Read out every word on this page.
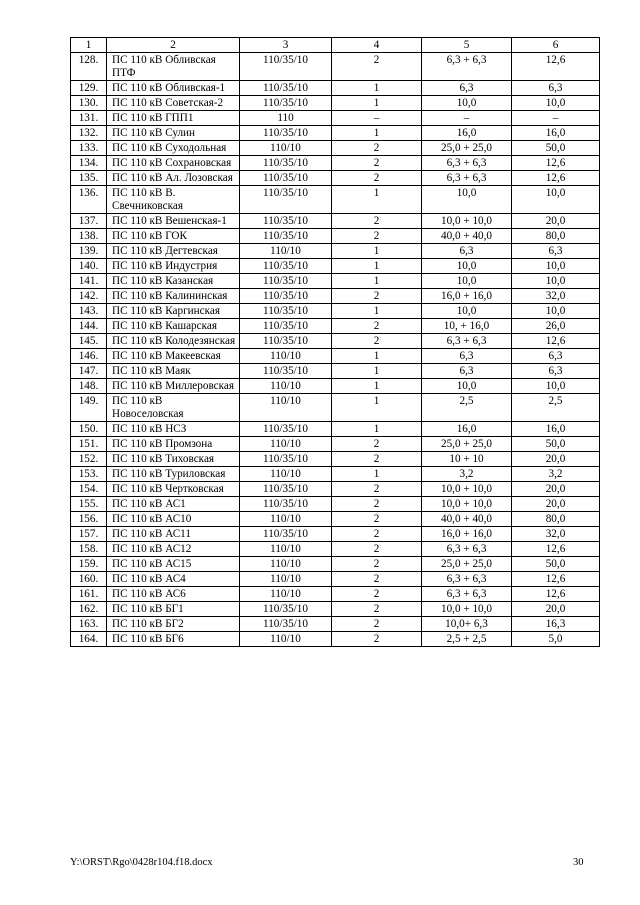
1	2	3	4	5	6
128.	ПС 110 кВ Обливская ПТФ	110/35/10	2	6,3 + 6,3	12,6
129.	ПС 110 кВ Обливская-1	110/35/10	1	6,3	6,3
130.	ПС 110 кВ Советская-2	110/35/10	1	10,0	10,0
131.	ПС 110 кВ ГПП1	110	–	–	–
132.	ПС 110 кВ Сулин	110/35/10	1	16,0	16,0
133.	ПС 110 кВ Суходольная	110/10	2	25,0 + 25,0	50,0
134.	ПС 110 кВ Сохрановская	110/35/10	2	6,3 + 6,3	12,6
135.	ПС 110 кВ Ал. Лозовская	110/35/10	2	6,3 + 6,3	12,6
136.	ПС 110 кВ В. Свечниковская	110/35/10	1	10,0	10,0
137.	ПС 110 кВ Вешенская-1	110/35/10	2	10,0 + 10,0	20,0
138.	ПС 110 кВ ГОК	110/35/10	2	40,0 + 40,0	80,0
139.	ПС 110 кВ Дегтевская	110/10	1	6,3	6,3
140.	ПС 110 кВ Индустрия	110/35/10	1	10,0	10,0
141.	ПС 110 кВ Казанская	110/35/10	1	10,0	10,0
142.	ПС 110 кВ Калининская	110/35/10	2	16,0 + 16,0	32,0
143.	ПС 110 кВ Каргинская	110/35/10	1	10,0	10,0
144.	ПС 110 кВ Кашарская	110/35/10	2	10, + 16,0	26,0
145.	ПС 110 кВ Колодезянская	110/35/10	2	6,3 + 6,3	12,6
146.	ПС 110 кВ Макеевская	110/10	1	6,3	6,3
147.	ПС 110 кВ Маяк	110/35/10	1	6,3	6,3
148.	ПС 110 кВ Миллеровская	110/10	1	10,0	10,0
149.	ПС 110 кВ Новоселовская	110/10	1	2,5	2,5
150.	ПС 110 кВ НСЗ	110/35/10	1	16,0	16,0
151.	ПС 110 кВ Промзона	110/10	2	25,0 + 25,0	50,0
152.	ПС 110 кВ Тиховская	110/35/10	2	10 + 10	20,0
153.	ПС 110 кВ Туриловская	110/10	1	3,2	3,2
154.	ПС 110 кВ Чертковская	110/35/10	2	10,0 + 10,0	20,0
155.	ПС 110 кВ АС1	110/35/10	2	10,0 + 10,0	20,0
156.	ПС 110 кВ АС10	110/10	2	40,0 + 40,0	80,0
157.	ПС 110 кВ АС11	110/35/10	2	16,0 + 16,0	32,0
158.	ПС 110 кВ АС12	110/10	2	6,3 + 6,3	12,6
159.	ПС 110 кВ АС15	110/10	2	25,0 + 25,0	50,0
160.	ПС 110 кВ АС4	110/10	2	6,3 + 6,3	12,6
161.	ПС 110 кВ АС6	110/10	2	6,3 + 6,3	12,6
162.	ПС 110 кВ БГ1	110/35/10	2	10,0 + 10,0	20,0
163.	ПС 110 кВ БГ2	110/35/10	2	10,0+ 6,3	16,3
164.	ПС 110 кВ БГ6	110/10	2	2,5 + 2,5	5,0
Y:\ORST\Rgo\0428r104.f18.docx	30
